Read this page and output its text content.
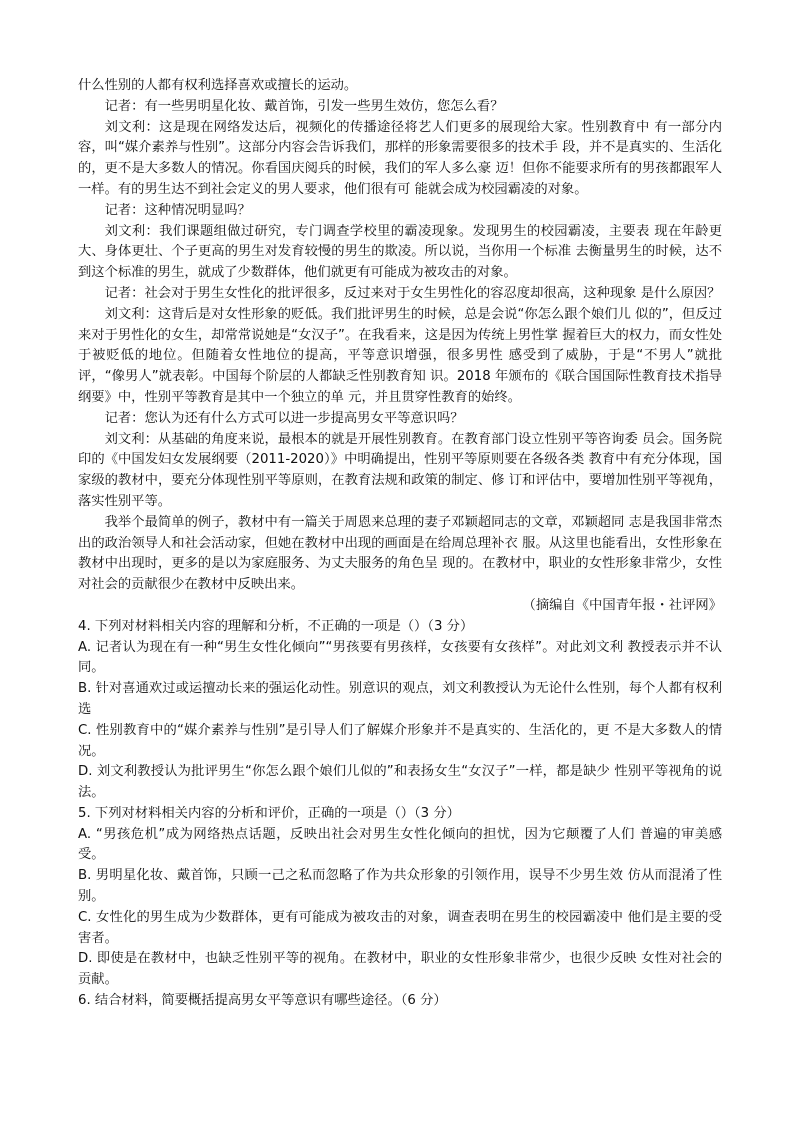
什么性别的人都有权利选择喜欢或擅长的运动。

记者：有一些男明星化妆、戴首饰，引发一些男生效仿，您怎么看？

刘文利：这是现在网络发达后，视频化的传播途径将艺人们更多的展现给大家。性别教育中 有一部分内容，叫“媒介素养与性别”。这部分内容会告诉我们，那样的形象需要很多的技术手 段，并不是真实的、生活化的，更不是大多数人的情况。你看国庆阅兵的时候，我们的军人多么豪 迈！但你不能要求所有的男孩都跟军人一样。有的男生达不到社会定义的男人要求，他们很有可 能就会成为校园霸凌的对象。

记者：这种情况明显吗？

刘文利：我们课题组做过研究，专门调查学校里的霸凌现象。发现男生的校园霸凌，主要表 现在年龄更大、身体更壮、个子更高的男生对发育较慢的男生的欺凌。所以说，当你用一个标准 去衡量男生的时候，达不到这个标准的男生，就成了少数群体，他们就更有可能成为被攻击的对象。

记者：社会对于男生女性化的批评很多，反过来对于女生男性化的容忍度却很高，这种现象 是什么原因？

刘文利：这背后是对女性形象的贬低。我们批评男生的时候，总是会说“你怎么跟个娘们儿 似的”，但反过来对于男性化的女生，却常常说她是“女汉子”。在我看来，这是因为传统上男性掌 握着巨大的权力，而女性处于被贬低的地位。但随着女性地位的提高，平等意识增强，很多男性 感受到了威胁，于是“不男人”就批评，“像男人”就表彰。中国每个阶层的人都缺乏性别教育知 识。2018 年颁布的《联合国国际性教育技术指导纲要》中，性别平等教育是其中一个独立的单 元，并且贯穿性教育的始终。

记者：您认为还有什么方式可以进一步提高男女平等意识吗？

刘文利：从基础的角度来说，最根本的就是开展性别教育。在教育部门设立性别平等咨询委 员会。国务院印的《中国发妇女发展纲要（2011-2020）》中明确提出，性别平等原则要在各级各类 教育中有充分体现，国家级的教材中，要充分体现性别平等原则，在教育法规和政策的制定、修 订和评估中，要增加性别平等视角，落实性别平等。

我举个最简单的例子，教材中有一篇关于周恩来总理的妻子邓颖超同志的文章，邓颖超同 志是我国非常杰出的政治领导人和社会活动家，但她在教材中出现的画面是在给周总理补衣 服。从这里也能看出，女性形象在教材中出现时，更多的是以为家庭服务、为丈夫服务的角色呈 现的。在教材中，职业的女性形象非常少，女性对社会的贡献很少在教材中反映出来。

（摘编自《中国青年报・社评网》

4. 下列对材料相关内容的理解和分析，不正确的一项是（）（3 分）

A. 记者认为现在有一种“男生女性化倾向”“男孩要有男孩样，女孩要有女孩样”。对此刘文利 教授表示并不认同。

B. 针对喜通欢过或运擅动长来的强运化动性。别意识的观点，刘文利教授认为无论什么性别，每个人都有权利选

C. 性别教育中的“媒介素养与性别”是引导人们了解媒介形象并不是真实的、生活化的，更 不是大多数人的情况。

D. 刘文利教授认为批评男生“你怎么跟个娘们儿似的”和表扬女生“女汉子”一样，都是缺少 性别平等视角的说法。

5. 下列对材料相关内容的分析和评价，正确的一项是（）（3 分）

A. “男孩危机”成为网络热点话题，反映出社会对男生女性化倾向的担忧，因为它颠覆了人们 普遍的审美感受。

B. 男明星化妆、戴首饰，只顾一己之私而忽略了作为共众形象的引领作用，误导不少男生效 仿从而混淆了性别。

C. 女性化的男生成为少数群体，更有可能成为被攻击的对象，调查表明在男生的校园霸凌中 他们是主要的受害者。

D. 即使是在教材中，也缺乏性别平等的视角。在教材中，职业的女性形象非常少，也很少反映 女性对社会的贡献。

6. 结合材料，简要概括提高男女平等意识有哪些途径。（6 分）
